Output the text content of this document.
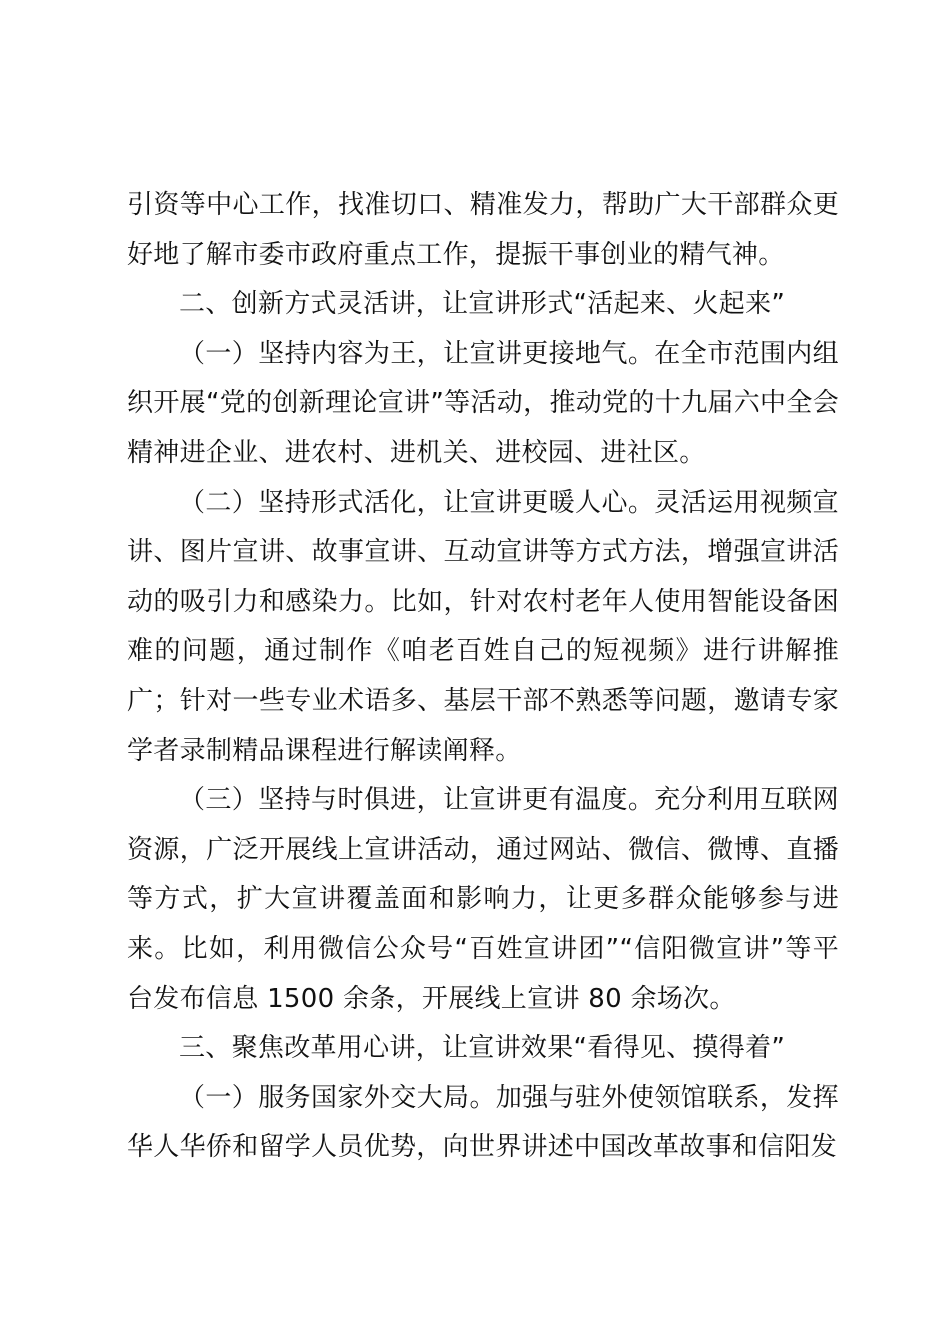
引资等中心工作，找准切口、精准发力，帮助广大干部群众更好地了解市委市政府重点工作，提振干事创业的精气神。

二、创新方式灵活讲，让宣讲形式“活起来、火起来”

（一）坚持内容为王，让宣讲更接地气。在全市范围内组织开展“党的创新理论宣讲”等活动，推动党的十九届六中全会精神进企业、进农村、进机关、进校园、进社区。

（二）坚持形式活化，让宣讲更暖人心。灵活运用视频宣讲、图片宣讲、故事宣讲、互动宣讲等方式方法，增强宣讲活动的吸引力和感染力。比如，针对农村老年人使用智能设备困难的问题，通过制作《咱老百姓自己的短视频》进行讲解推广；针对一些专业术语多、基层干部不熟悉等问题，邀请专家学者录制精品课程进行解读阐释。

（三）坚持与时俱进，让宣讲更有温度。充分利用互联网资源，广泛开展线上宣讲活动，通过网站、微信、微博、直播等方式，扩大宣讲覆盖面和影响力，让更多群众能够参与进来。比如，利用微信公众号“百姓宣讲团”“信阳微宣讲”等平台发布信息 1500 余条，开展线上宣讲 80 余场次。

三、聚焦改革用心讲，让宣讲效果“看得见、摸得着”

（一）服务国家外交大局。加强与驻外使领馆联系，发挥华人华侨和留学人员优势，向世界讲述中国改革故事和信阳发
